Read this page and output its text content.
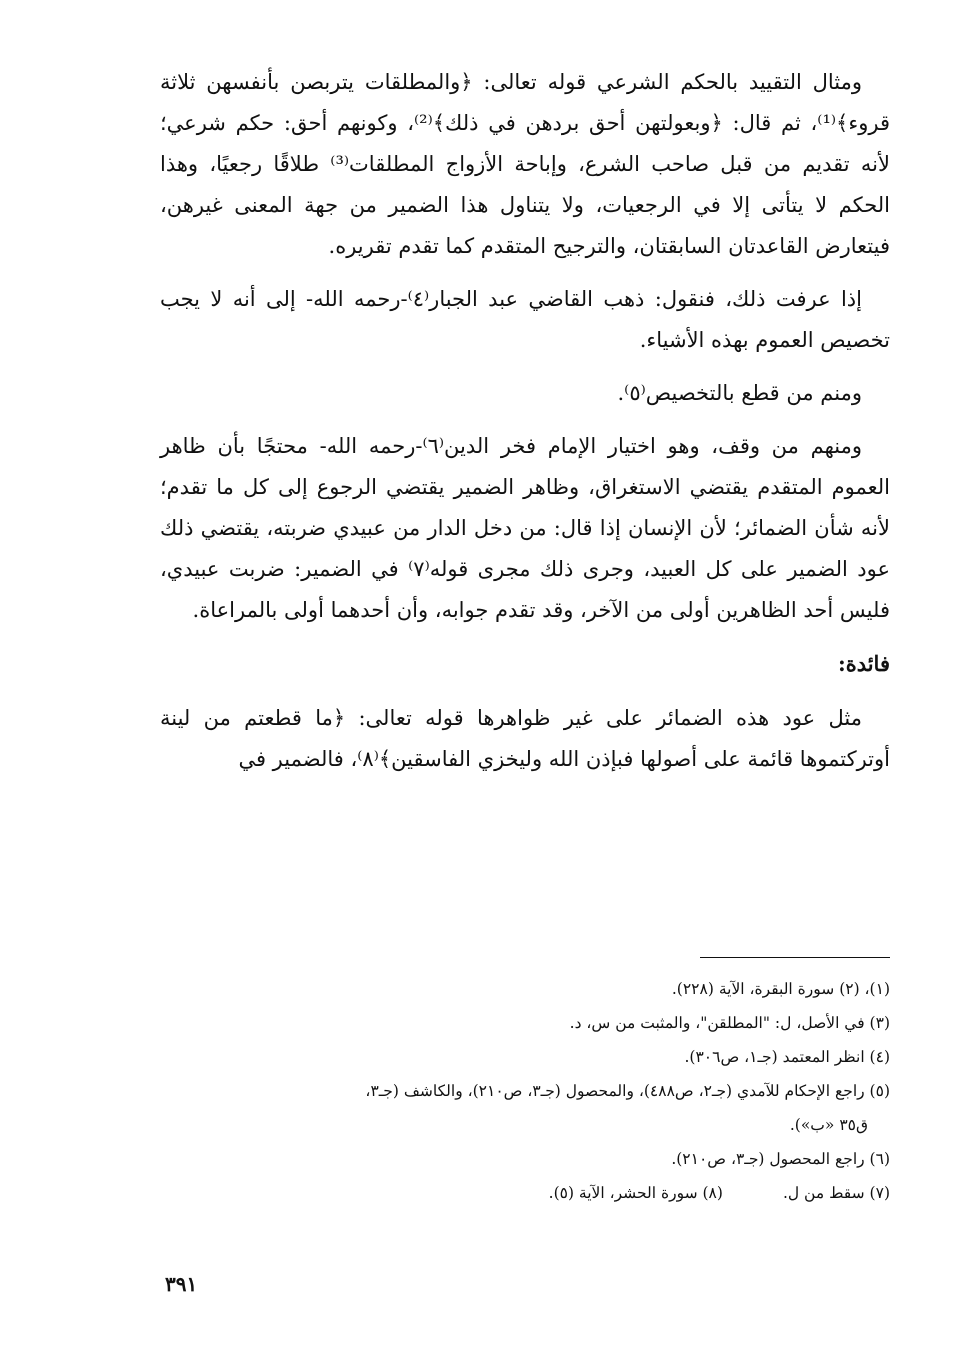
ومثال التقييد بالحكم الشرعي قوله تعالى: ﴿والمطلقات يتربصن بأنفسهن ثلاثة قروء﴾⁽¹⁾، ثم قال: ﴿وبعولتهن أحق بردهن في ذلك﴾⁽²⁾، وكونهم أحق: حكم شرعي؛ لأنه تقديم من قبل صاحب الشرع، وإباحة الأزواج المطلقات⁽³⁾ طلاقًا رجعيًا، وهذا الحكم لا يتأتى إلا في الرجعيات، ولا يتناول هذا الضمير من جهة المعنى غيرهن، فيتعارض القاعدتان السابقتان، والترجيح المتقدم كما تقدم تقريره.

إذا عرفت ذلك، فنقول: ذهب القاضي عبد الجبار⁽٤⁾-رحمه الله- إلى أنه لا يجب تخصيص العموم بهذه الأشياء.

ومنم من قطع بالتخصيص⁽٥⁾.

ومنهم من وقف، وهو اختيار الإمام فخر الدين⁽٦⁾-رحمه الله- محتجًا بأن ظاهر العموم المتقدم يقتضي الاستغراق، وظاهر الضمير يقتضي الرجوع إلى كل ما تقدم؛ لأنه شأن الضمائر؛ لأن الإنسان إذا قال: من دخل الدار من عبيدي ضربته، يقتضي ذلك عود الضمير على كل العبيد، وجرى ذلك مجرى قوله⁽٧⁾ في الضمير: ضربت عبيدي، فليس أحد الظاهرين أولى من الآخر، وقد تقدم جوابه، وأن أحدهما أولى بالمراعاة.

فائدة:

مثل عود هذه الضمائر على غير ظواهرها قوله تعالى: ﴿ما قطعتم من لينة أوتركتموها قائمة على أصولها فبإذن الله وليخزي الفاسقين﴾⁽٨⁾، فالضمير في

(١)، (٢) سورة البقرة، الآية (٢٢٨).
(٣) في الأصل، ل: "المطلقن"، والمثبت من س، د.
(٤) انظر المعتمد (جـ١، ص٣٠٦).
(٥) راجع الإحكام للآمدي (جـ٢، ص٤٨٨)، والمحصول (جـ٣، ص٢١٠)، والكاشف (جـ٣،
ق٣٥ «ب»).
(٦) راجع المحصول (جـ٣، ص٢١٠).
(٧) سقط من ل.
(٨) سورة الحشر، الآية (٥).
٣٩١
